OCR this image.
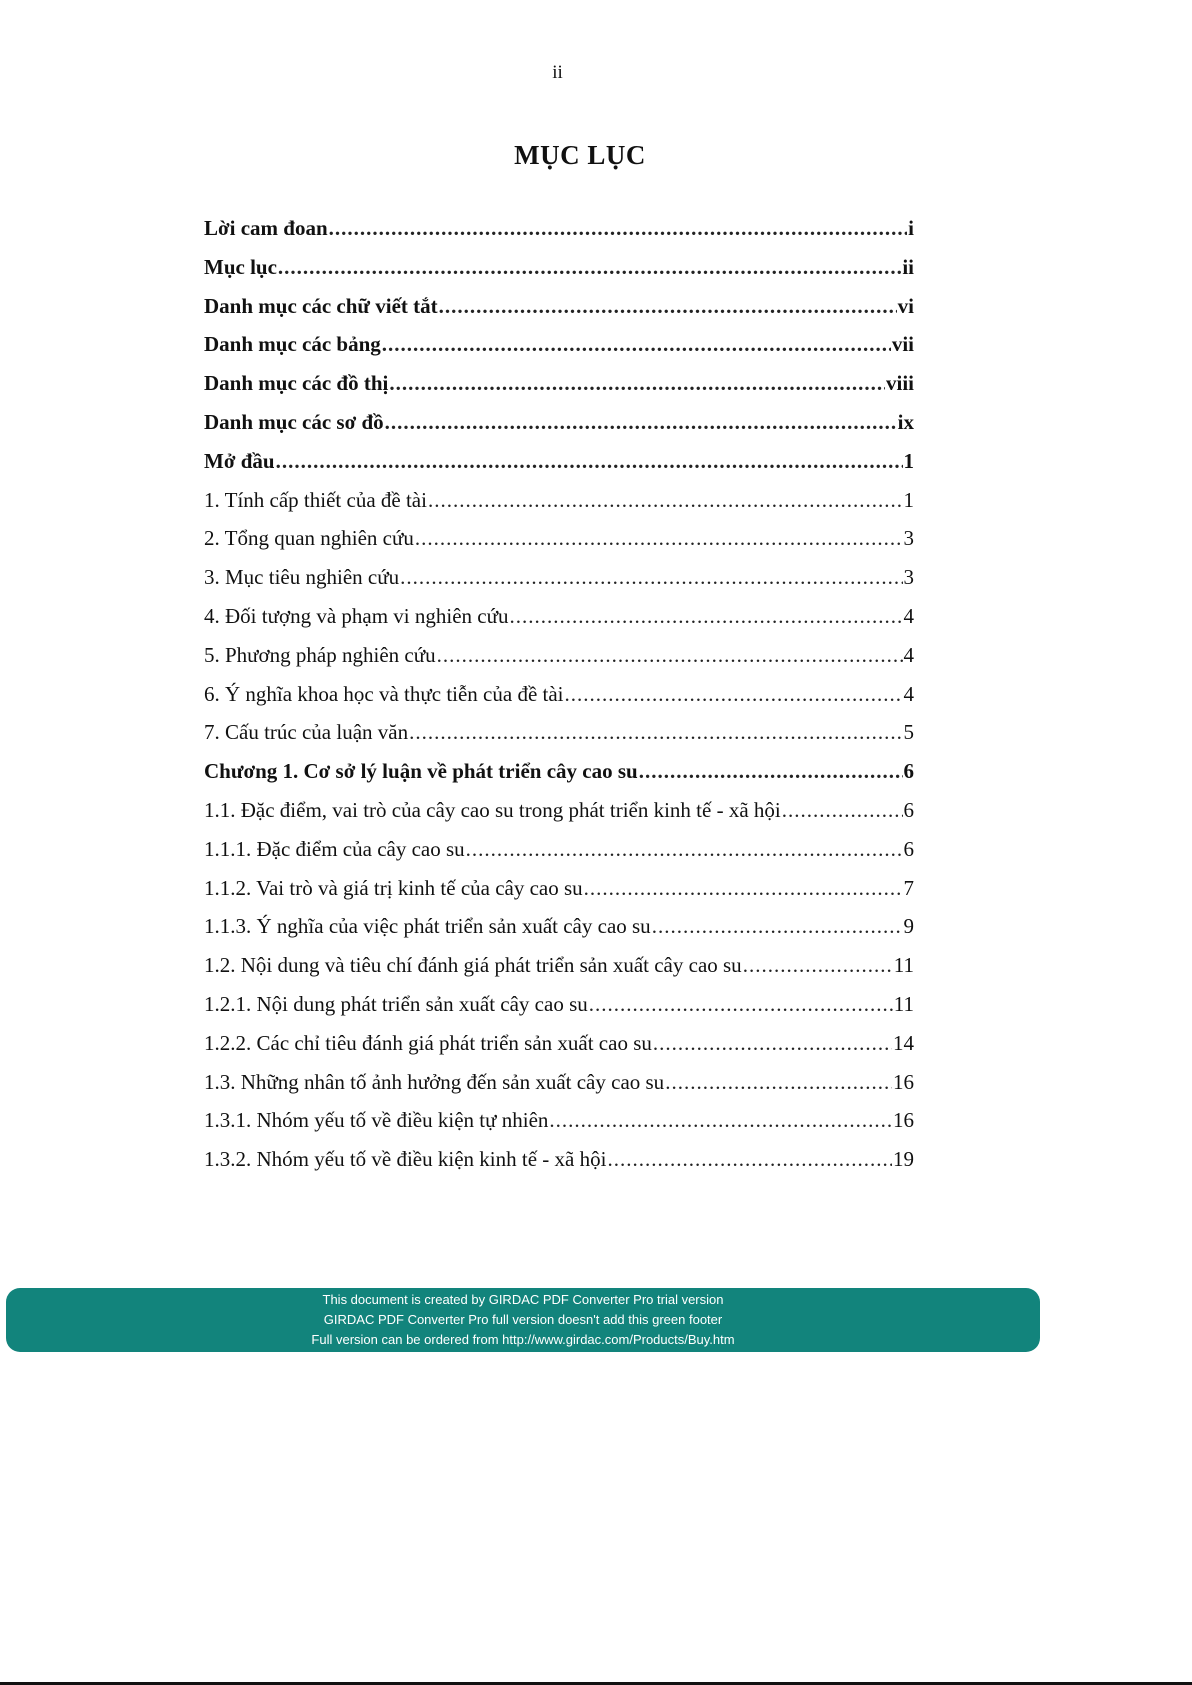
ii
MỤC LỤC
Lời cam đoan .....	i
Mục lục .....	ii
Danh mục các chữ viết tắt .....	vi
Danh mục các bảng .....	vii
Danh mục các đồ thị .....	viii
Danh mục các sơ đồ .....	ix
Mở đầu .....	1
1. Tính cấp thiết của đề tài .....	1
2. Tổng quan nghiên cứu .....	3
3. Mục tiêu nghiên cứu .....	3
4. Đối tượng và phạm vi nghiên cứu .....	4
5. Phương pháp nghiên cứu .....	4
6. Ý nghĩa khoa học và thực tiễn của đề tài .....	4
7. Cấu trúc của luận văn .....	5
Chương 1. Cơ sở lý luận về phát triển cây cao su .....	6
1.1. Đặc điểm, vai trò của cây cao su trong phát triển kinh tế - xã hội .....	6
1.1.1. Đặc điểm của cây cao su .....	6
1.1.2. Vai trò và giá trị kinh tế của cây cao su .....	7
1.1.3. Ý nghĩa của việc phát triển sản xuất cây cao su .....	9
1.2. Nội dung và tiêu chí đánh giá phát triển sản xuất cây cao su .....	11
1.2.1. Nội dung phát triển sản xuất cây cao su .....	11
1.2.2. Các chỉ tiêu đánh giá phát triển sản xuất cao su .....	14
1.3. Những nhân tố ảnh hưởng đến sản xuất cây cao su .....	16
1.3.1. Nhóm yếu tố về điều kiện tự nhiên .....	16
1.3.2. Nhóm yếu tố về điều kiện kinh tế - xã hội .....	19
This document is created by GIRDAC PDF Converter Pro trial version
GIRDAC PDF Converter Pro full version doesn't add this green footer
Full version can be ordered from http://www.girdac.com/Products/Buy.htm
